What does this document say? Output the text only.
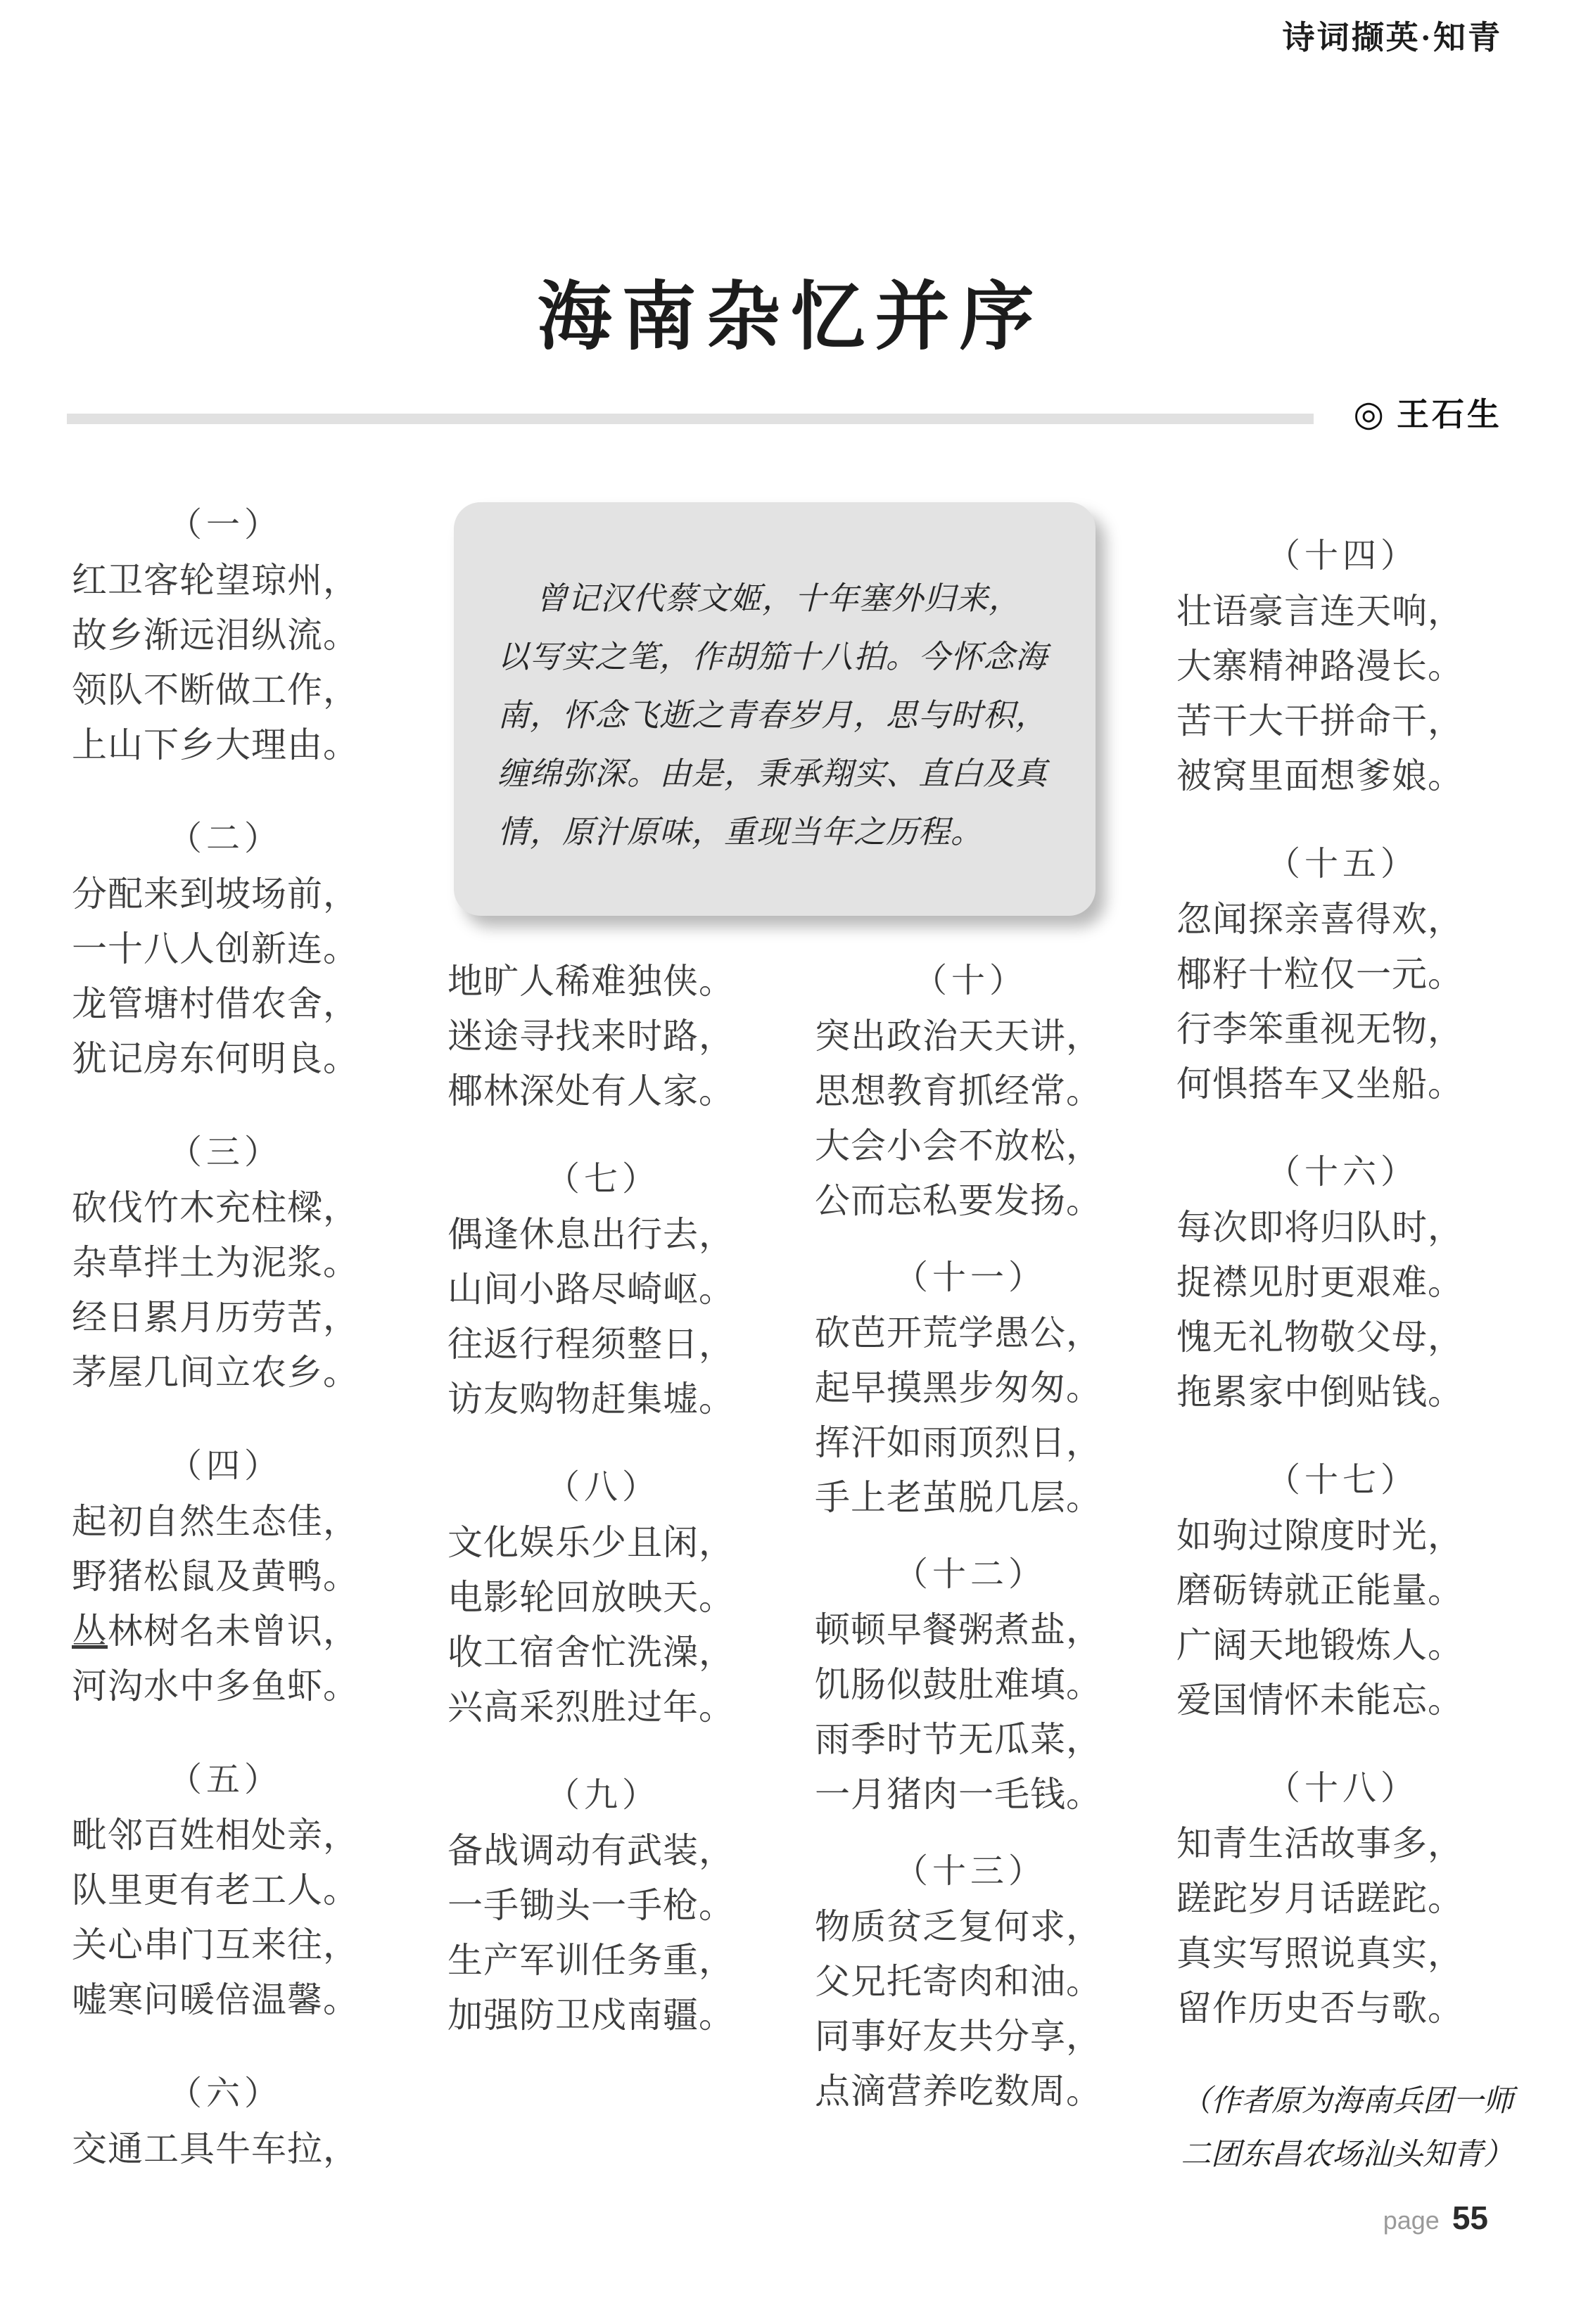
诗词撷英·知青
海南杂忆并序
◎ 王石生
曾记汉代蔡文姬，十年塞外归来，
以写实之笔，作胡笳十八拍。今怀念海
南，怀念飞逝之青春岁月，思与时积，
缠绵弥深。由是，秉承翔实、直白及真
情，原汁原味，重现当年之历程。
（一）
红卫客轮望琼州，
故乡渐远泪纵流。
领队不断做工作，
上山下乡大理由。
（二）
分配来到坡场前，
一十八人创新连。
龙管塘村借农舍，
犹记房东何明良。
（三）
砍伐竹木充柱樑，
杂草拌土为泥浆。
经日累月历劳苦，
茅屋几间立农乡。
（四）
起初自然生态佳，
野猪松鼠及黄鸭。
丛林树名未曾识，
河沟水中多鱼虾。
（五）
毗邻百姓相处亲，
队里更有老工人。
关心串门互来往，
嘘寒问暖倍温馨。
（六）
交通工具牛车拉，
地旷人稀难独侠。
迷途寻找来时路，
椰林深处有人家。
（七）
偶逢休息出行去，
山间小路尽崎岖。
往返行程须整日，
访友购物赶集墟。
（八）
文化娱乐少且闲，
电影轮回放映天。
收工宿舍忙洗澡，
兴高采烈胜过年。
（九）
备战调动有武装，
一手锄头一手枪。
生产军训任务重，
加强防卫戍南疆。
（十）
突出政治天天讲，
思想教育抓经常。
大会小会不放松，
公而忘私要发扬。
（十一）
砍芭开荒学愚公，
起早摸黑步匆匆。
挥汗如雨顶烈日，
手上老茧脱几层。
（十二）
顿顿早餐粥煮盐，
饥肠似鼓肚难填。
雨季时节无瓜菜，
一月猪肉一毛钱。
（十三）
物质贫乏复何求，
父兄托寄肉和油。
同事好友共分享，
点滴营养吃数周。
（十四）
壮语豪言连天响，
大寨精神路漫长。
苦干大干拼命干，
被窝里面想爹娘。
（十五）
忽闻探亲喜得欢，
椰籽十粒仅一元。
行李笨重视无物，
何惧搭车又坐船。
（十六）
每次即将归队时，
捉襟见肘更艰难。
愧无礼物敬父母，
拖累家中倒贴钱。
（十七）
如驹过隙度时光，
磨砺铸就正能量。
广阔天地锻炼人。
爱国情怀未能忘。
（十八）
知青生活故事多，
蹉跎岁月话蹉跎。
真实写照说真实，
留作历史否与歌。
（作者原为海南兵团一师
二团东昌农场汕头知青）
page 55
